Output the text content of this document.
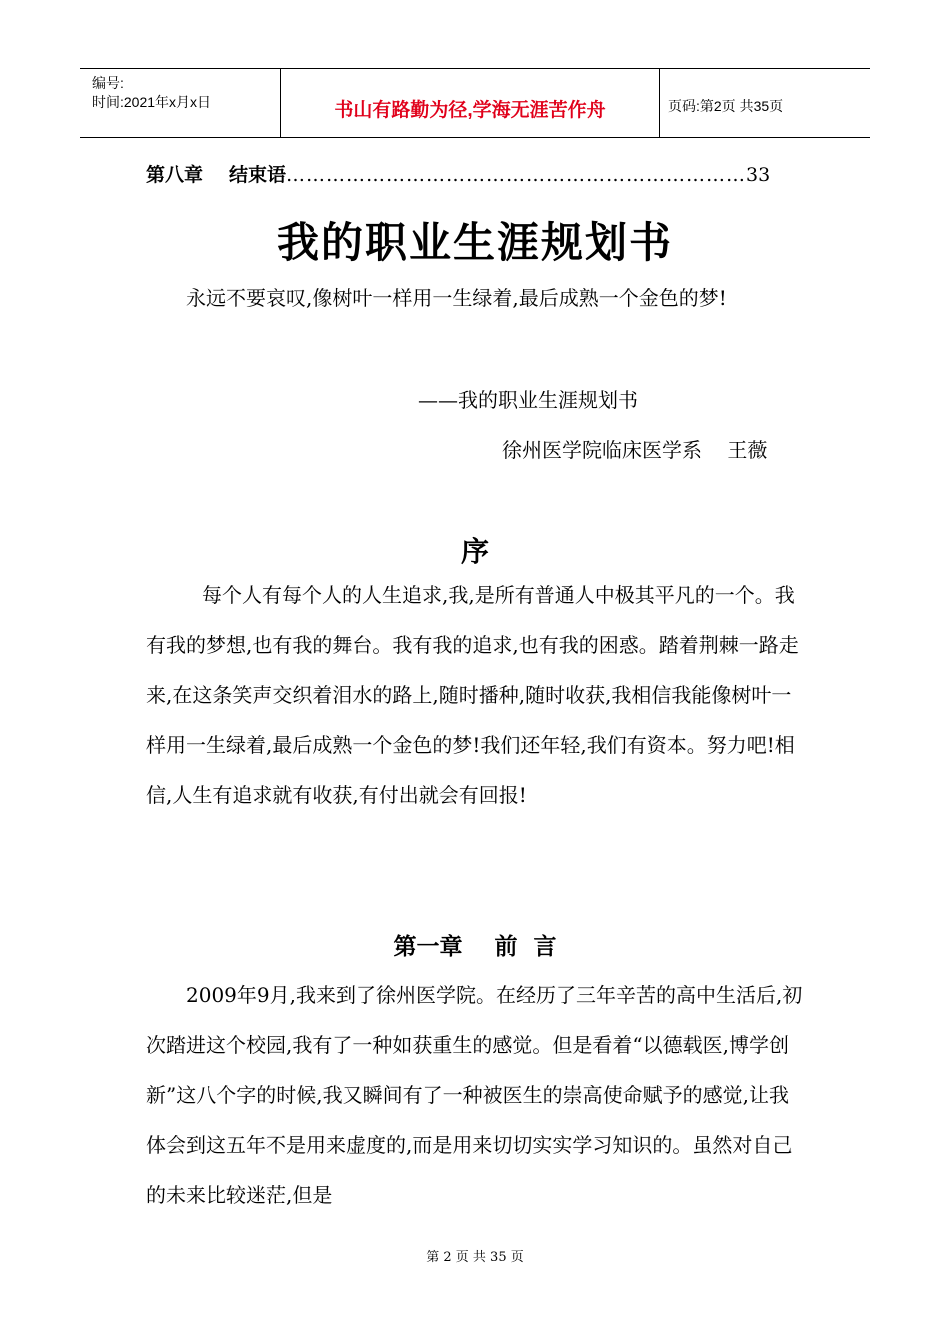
编号:
时间:2021年x月x日	书山有路勤为径,学海无涯苦作舟	页码:第2页 共35页
第八章 结束语……………………………………………………………33
我的职业生涯规划书
永远不要哀叹,像树叶一样用一生绿着,最后成熟一个金色的梦!
——我的职业生涯规划书
徐州医学院临床医学系    王薇
序
每个人有每个人的人生追求,我,是所有普通人中极其平凡的一个。我有我的梦想,也有我的舞台。我有我的追求,也有我的困惑。踏着荆棘一路走来,在这条笑声交织着泪水的路上,随时播种,随时收获,我相信我能像树叶一样用一生绿着,最后成熟一个金色的梦!我们还年轻,我们有资本。努力吧!相信,人生有追求就有收获,有付出就会有回报!
第一章    前  言
2009年9月,我来到了徐州医学院。在经历了三年辛苦的高中生活后,初次踏进这个校园,我有了一种如获重生的感觉。但是看着“以德载医,博学创新”这八个字的时候,我又瞬间有了一种被医生的崇高使命赋予的感觉,让我体会到这五年不是用来虚度的,而是用来切切实实学习知识的。虽然对自己的未来比较迷茫,但是
第 2 页 共 35 页
